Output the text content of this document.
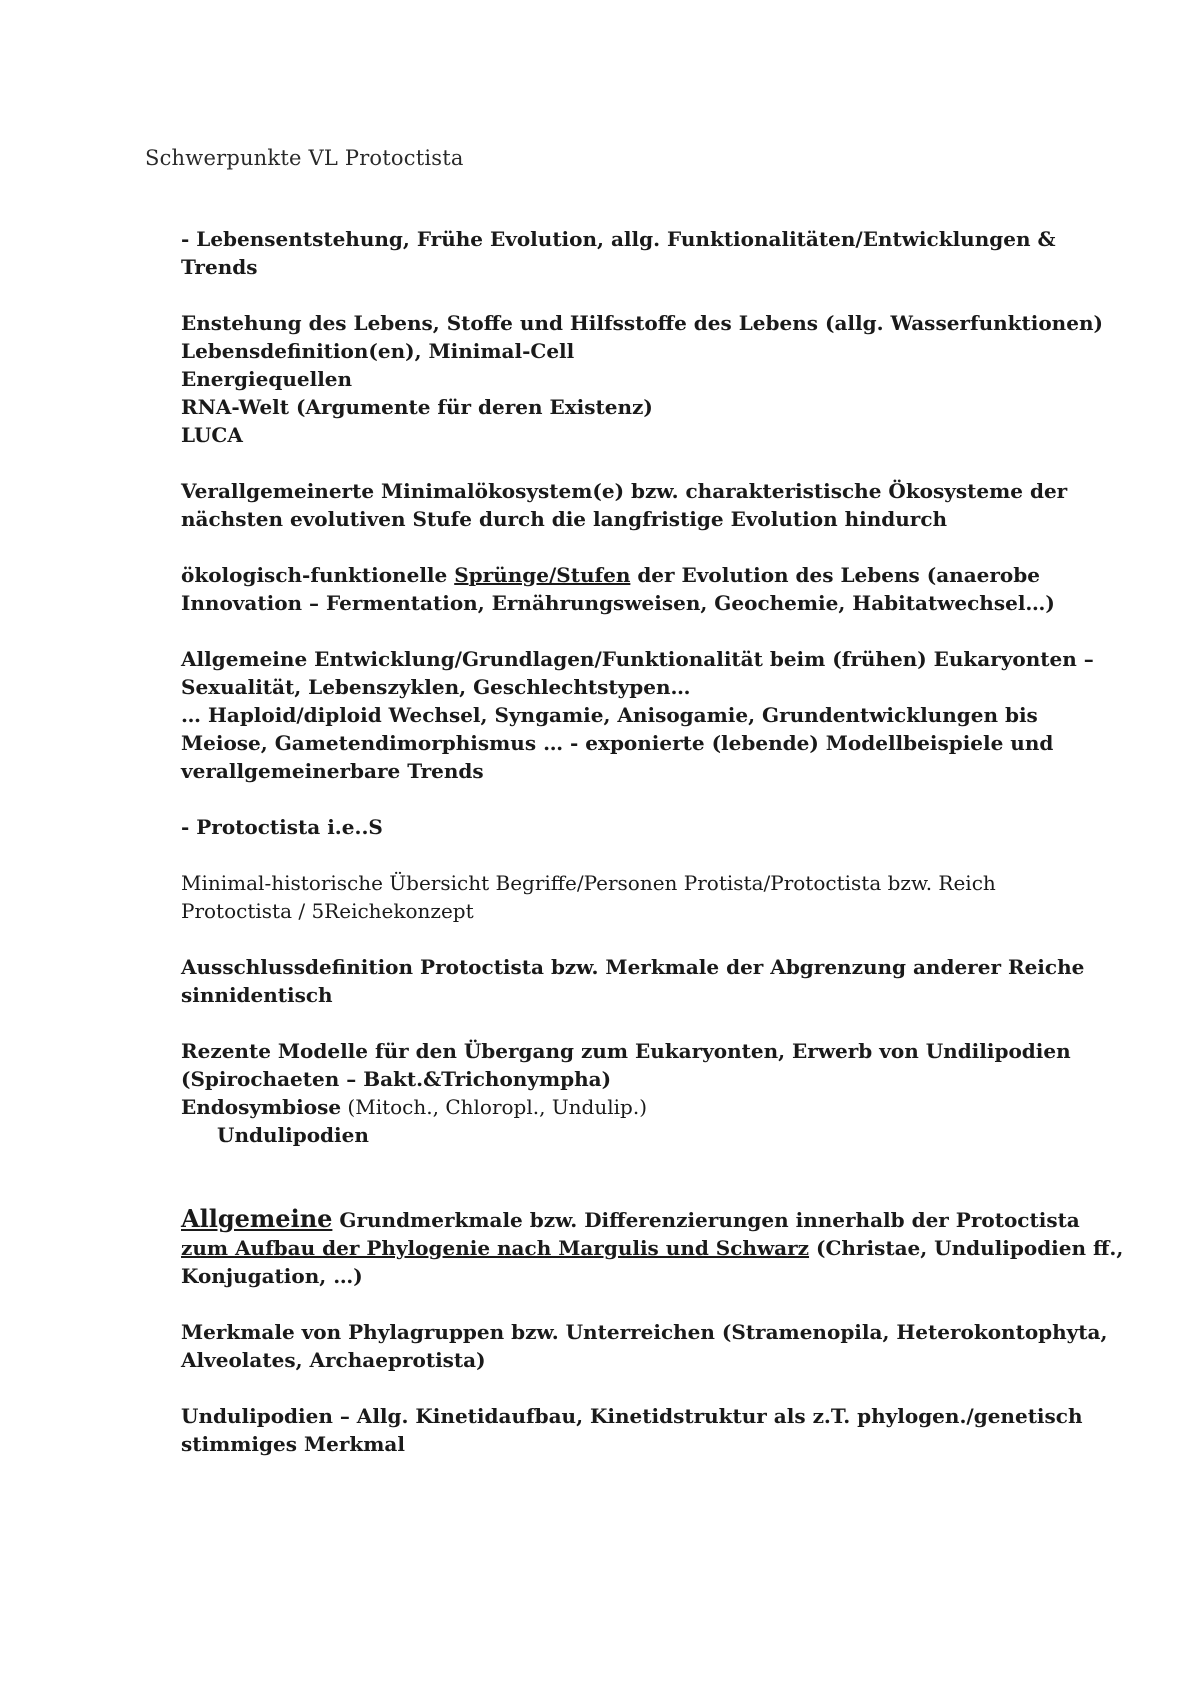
Schwerpunkte VL Protoctista
- Lebensentstehung, Frühe Evolution, allg. Funktionalitäten/Entwicklungen &
Trends
Enstehung des Lebens, Stoffe und Hilfsstoffe des Lebens (allg. Wasserfunktionen)
Lebensdefinition(en), Minimal-Cell
Energiequellen
RNA-Welt (Argumente für deren Existenz)
LUCA
Verallgemeinerte Minimalökosystem(e) bzw. charakteristische Ökosysteme der
nächsten evolutiven Stufe durch die langfristige Evolution hindurch
ökologisch-funktionelle Sprünge/Stufen der Evolution des Lebens (anaerobe
Innovation – Fermentation, Ernährungsweisen, Geochemie, Habitatwechsel…)
Allgemeine Entwicklung/Grundlagen/Funktionalität beim (frühen) Eukaryonten –
Sexualität, Lebenszyklen, Geschlechtstypen…
… Haploid/diploid Wechsel, Syngamie, Anisogamie, Grundentwicklungen bis
Meiose, Gametendimorphismus … - exponierte (lebende) Modellbeispiele und
verallgemeinerbare Trends
- Protoctista i.e..S
Minimal-historische Übersicht Begriffe/Personen Protista/Protoctista bzw. Reich
Protoctista / 5Reichekonzept
Ausschlussdefinition Protoctista bzw. Merkmale der Abgrenzung anderer Reiche
sinnidentisch
Rezente Modelle für den Übergang zum Eukaryonten, Erwerb von Undilipodien
(Spirochaeten – Bakt.&Trichonympha)
Endosymbiose (Mitoch., Chloropl., Undulip.)
Undulipodien
Allgemeine Grundmerkmale bzw. Differenzierungen innerhalb der Protoctista
zum Aufbau der Phylogenie nach Margulis und Schwarz (Christae, Undulipodien ff.,
Konjugation, …)
Merkmale von Phylagruppen bzw. Unterreichen (Stramenopila, Heterokontophyta,
Alveolates, Archaeprotista)
Undulipodien – Allg. Kinetidaufbau, Kinetidstruktur als z.T. phylogen./genetisch
stimmiges Merkmal
